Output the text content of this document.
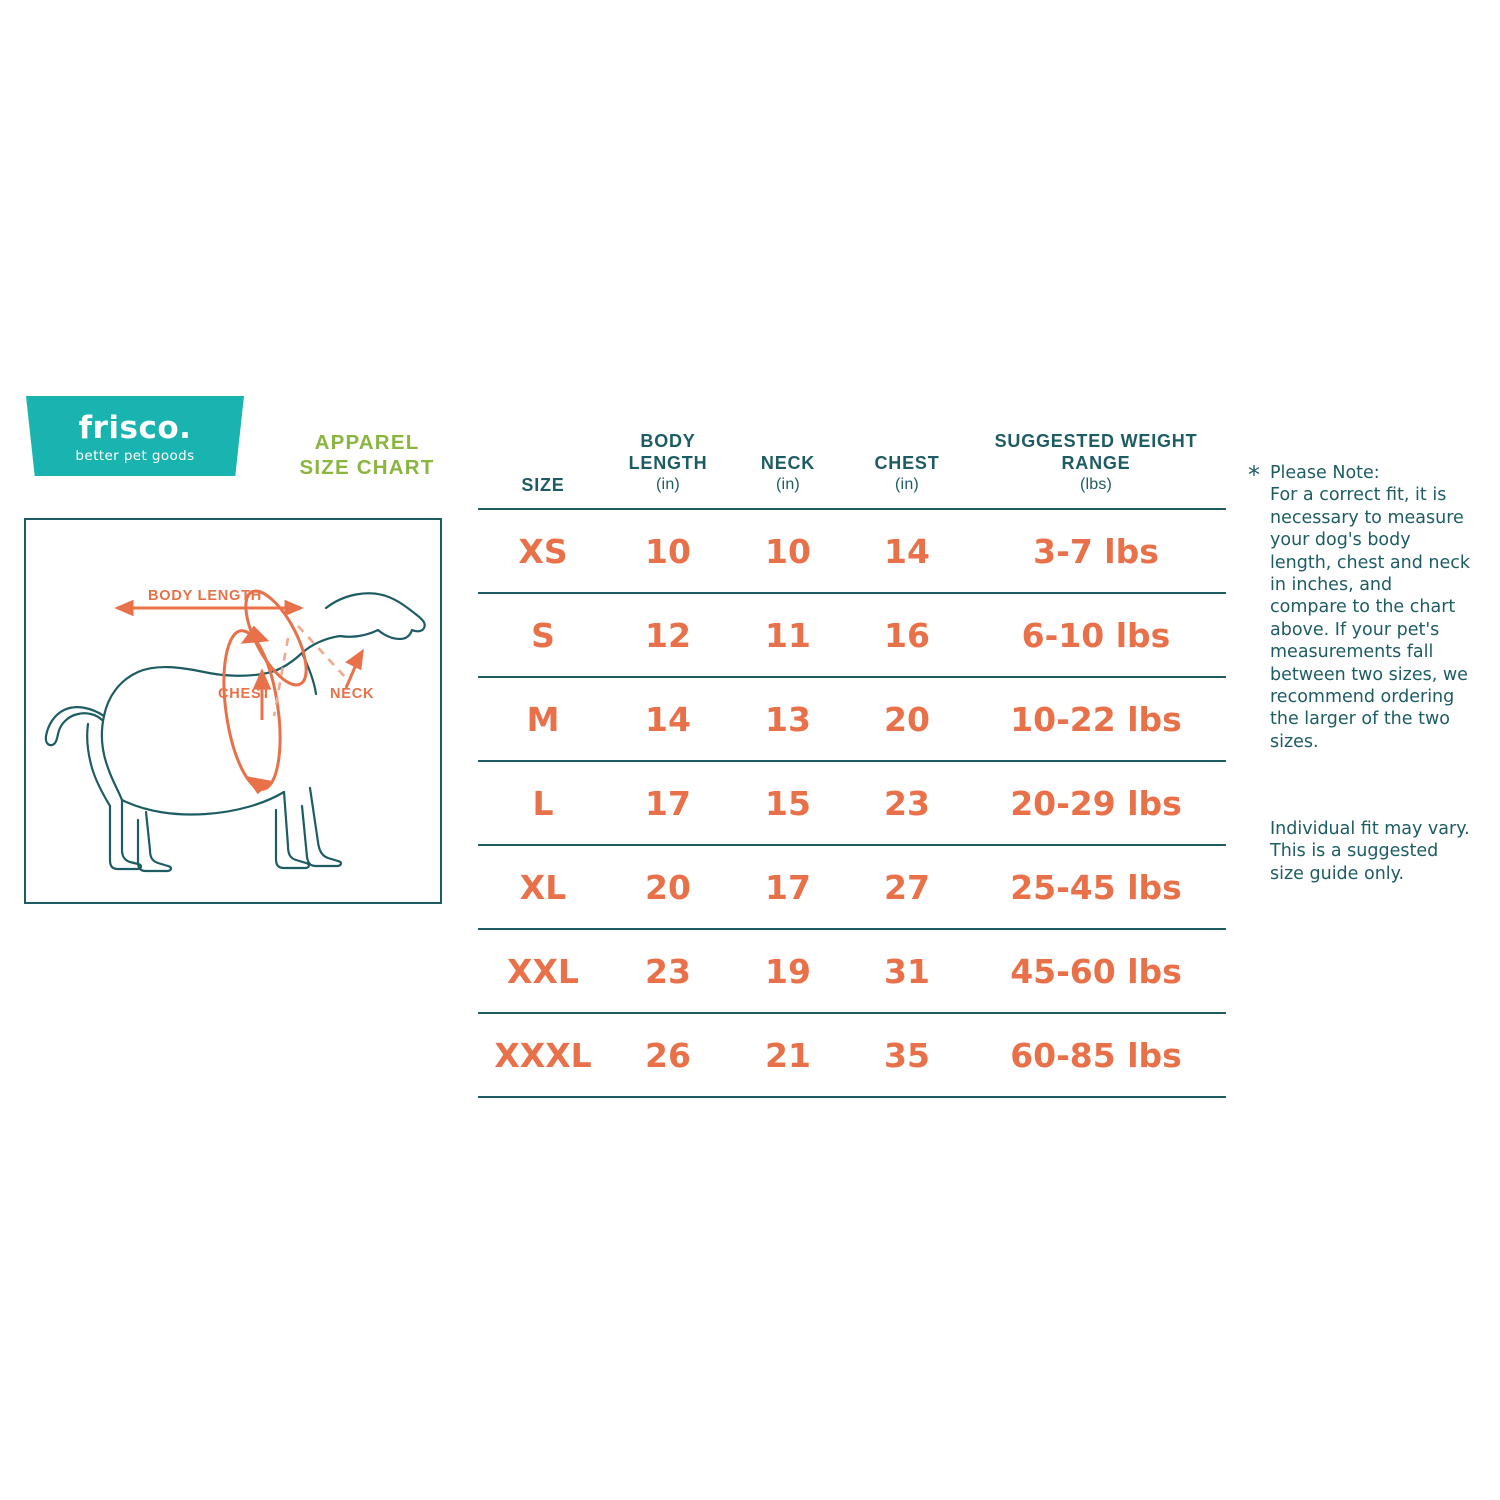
frisco.
better pet goods
APPAREL
SIZE CHART
BODY LENGTH
CHEST	NECK
SIZE
BODY LENGTH
(in)
NECK
(in)
CHEST
(in)
SUGGESTED WEIGHT RANGE
(lbs)
XS	10	10	14	3-7 lbs
S	12	11	16	6-10 lbs
M	14	13	20	10-22 lbs
L	17	15	23	20-29 lbs
XL	20	17	27	25-45 lbs
XXL	23	19	31	45-60 lbs
XXXL	26	21	35	60-85 lbs
* Please Note:
For a correct fit, it is necessary to measure your dog's body length, chest and neck in inches, and compare to the chart above. If your pet's measurements fall between two sizes, we recommend ordering the larger of the two sizes.
Individual fit may vary. This is a suggested size guide only.
